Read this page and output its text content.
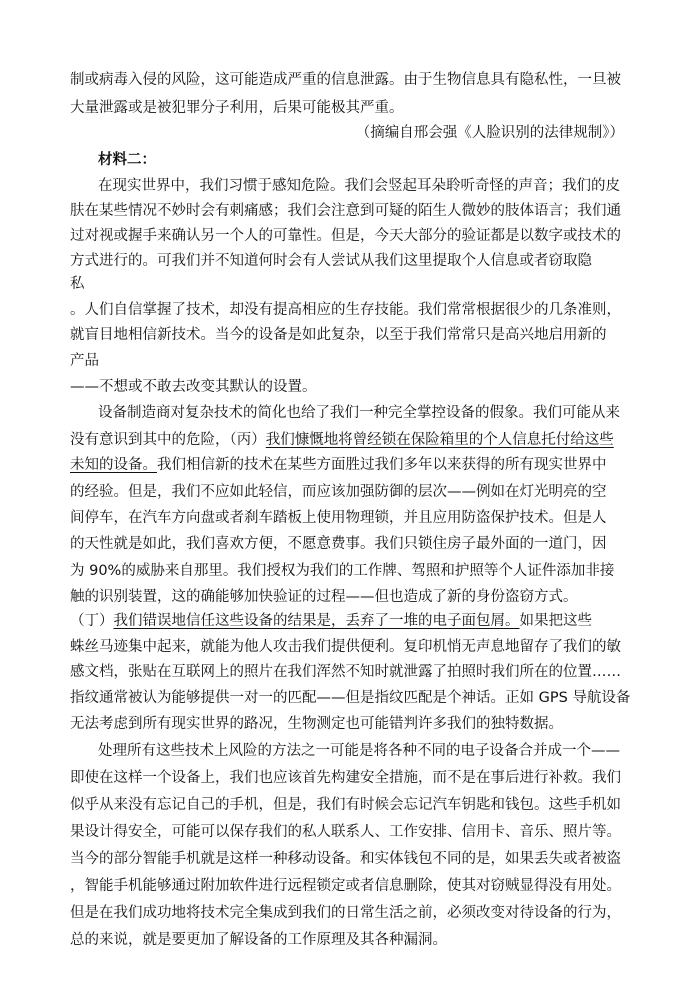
制或病毒入侵的风险，这可能造成严重的信息泄露。由于生物信息具有隐私性，一旦被
大量泄露或是被犯罪分子利用，后果可能极其严重。
（摘编自邢会强《人脸识别的法律规制》）
材料二：
在现实世界中，我们习惯于感知危险。我们会竖起耳朵聆听奇怪的声音；我们的皮
肤在某些情况不妙时会有刺痛感；我们会注意到可疑的陌生人微妙的肢体语言；我们通
过对视或握手来确认另一个人的可靠性。但是，今天大部分的验证都是以数字或技术的
方式进行的。可我们并不知道何时会有人尝试从我们这里提取个人信息或者窃取隐
私
。人们自信掌握了技术，却没有提高相应的生存技能。我们常常根据很少的几条准则，
就盲目地相信新技术。当今的设备是如此复杂，以至于我们常常只是高兴地启用新的
产品
——不想或不敢去改变其默认的设置。
设备制造商对复杂技术的简化也给了我们一种完全掌控设备的假象。我们可能从来
没有意识到其中的危险，（丙）我们慷慨地将曾经锁在保险箱里的个人信息托付给这些
未知的设备。我们相信新的技术在某些方面胜过我们多年以来获得的所有现实世界中
的经验。但是，我们不应如此轻信，而应该加强防御的层次——例如在灯光明亮的空
间停车，在汽车方向盘或者刹车踏板上使用物理锁，并且应用防盗保护技术。但是人
的天性就是如此，我们喜欢方便，不愿意费事。我们只锁住房子最外面的一道门，因
为 90%的威胁来自那里。我们授权为我们的工作牌、驾照和护照等个人证件添加非接
触的识别装置，这的确能够加快验证的过程——但也造成了新的身份盗窃方式。
（丁）我们错误地信任这些设备的结果是，丢弃了一堆的电子面包屑。如果把这些
蛛丝马迹集中起来，就能为他人攻击我们提供便利。复印机悄无声息地留存了我们的敏
感文档，张贴在互联网上的照片在我们浑然不知时就泄露了拍照时我们所在的位置……
指纹通常被认为能够提供一对一的匹配——但是指纹匹配是个神话。正如 GPS 导航设备
无法考虑到所有现实世界的路况，生物测定也可能错判许多我们的独特数据。
处理所有这些技术上风险的方法之一可能是将各种不同的电子设备合并成一个——
即使在这样一个设备上，我们也应该首先构建安全措施，而不是在事后进行补救。我们
似乎从来没有忘记自己的手机，但是，我们有时候会忘记汽车钥匙和钱包。这些手机如
果设计得安全，可能可以保存我们的私人联系人、工作安排、信用卡、音乐、照片等。
当今的部分智能手机就是这样一种移动设备。和实体钱包不同的是，如果丢失或者被盗
，智能手机能够通过附加软件进行远程锁定或者信息删除，使其对窃贼显得没有用处。
但是在我们成功地将技术完全集成到我们的日常生活之前，必须改变对待设备的行为，
总的来说，就是要更加了解设备的工作原理及其各种漏洞。
